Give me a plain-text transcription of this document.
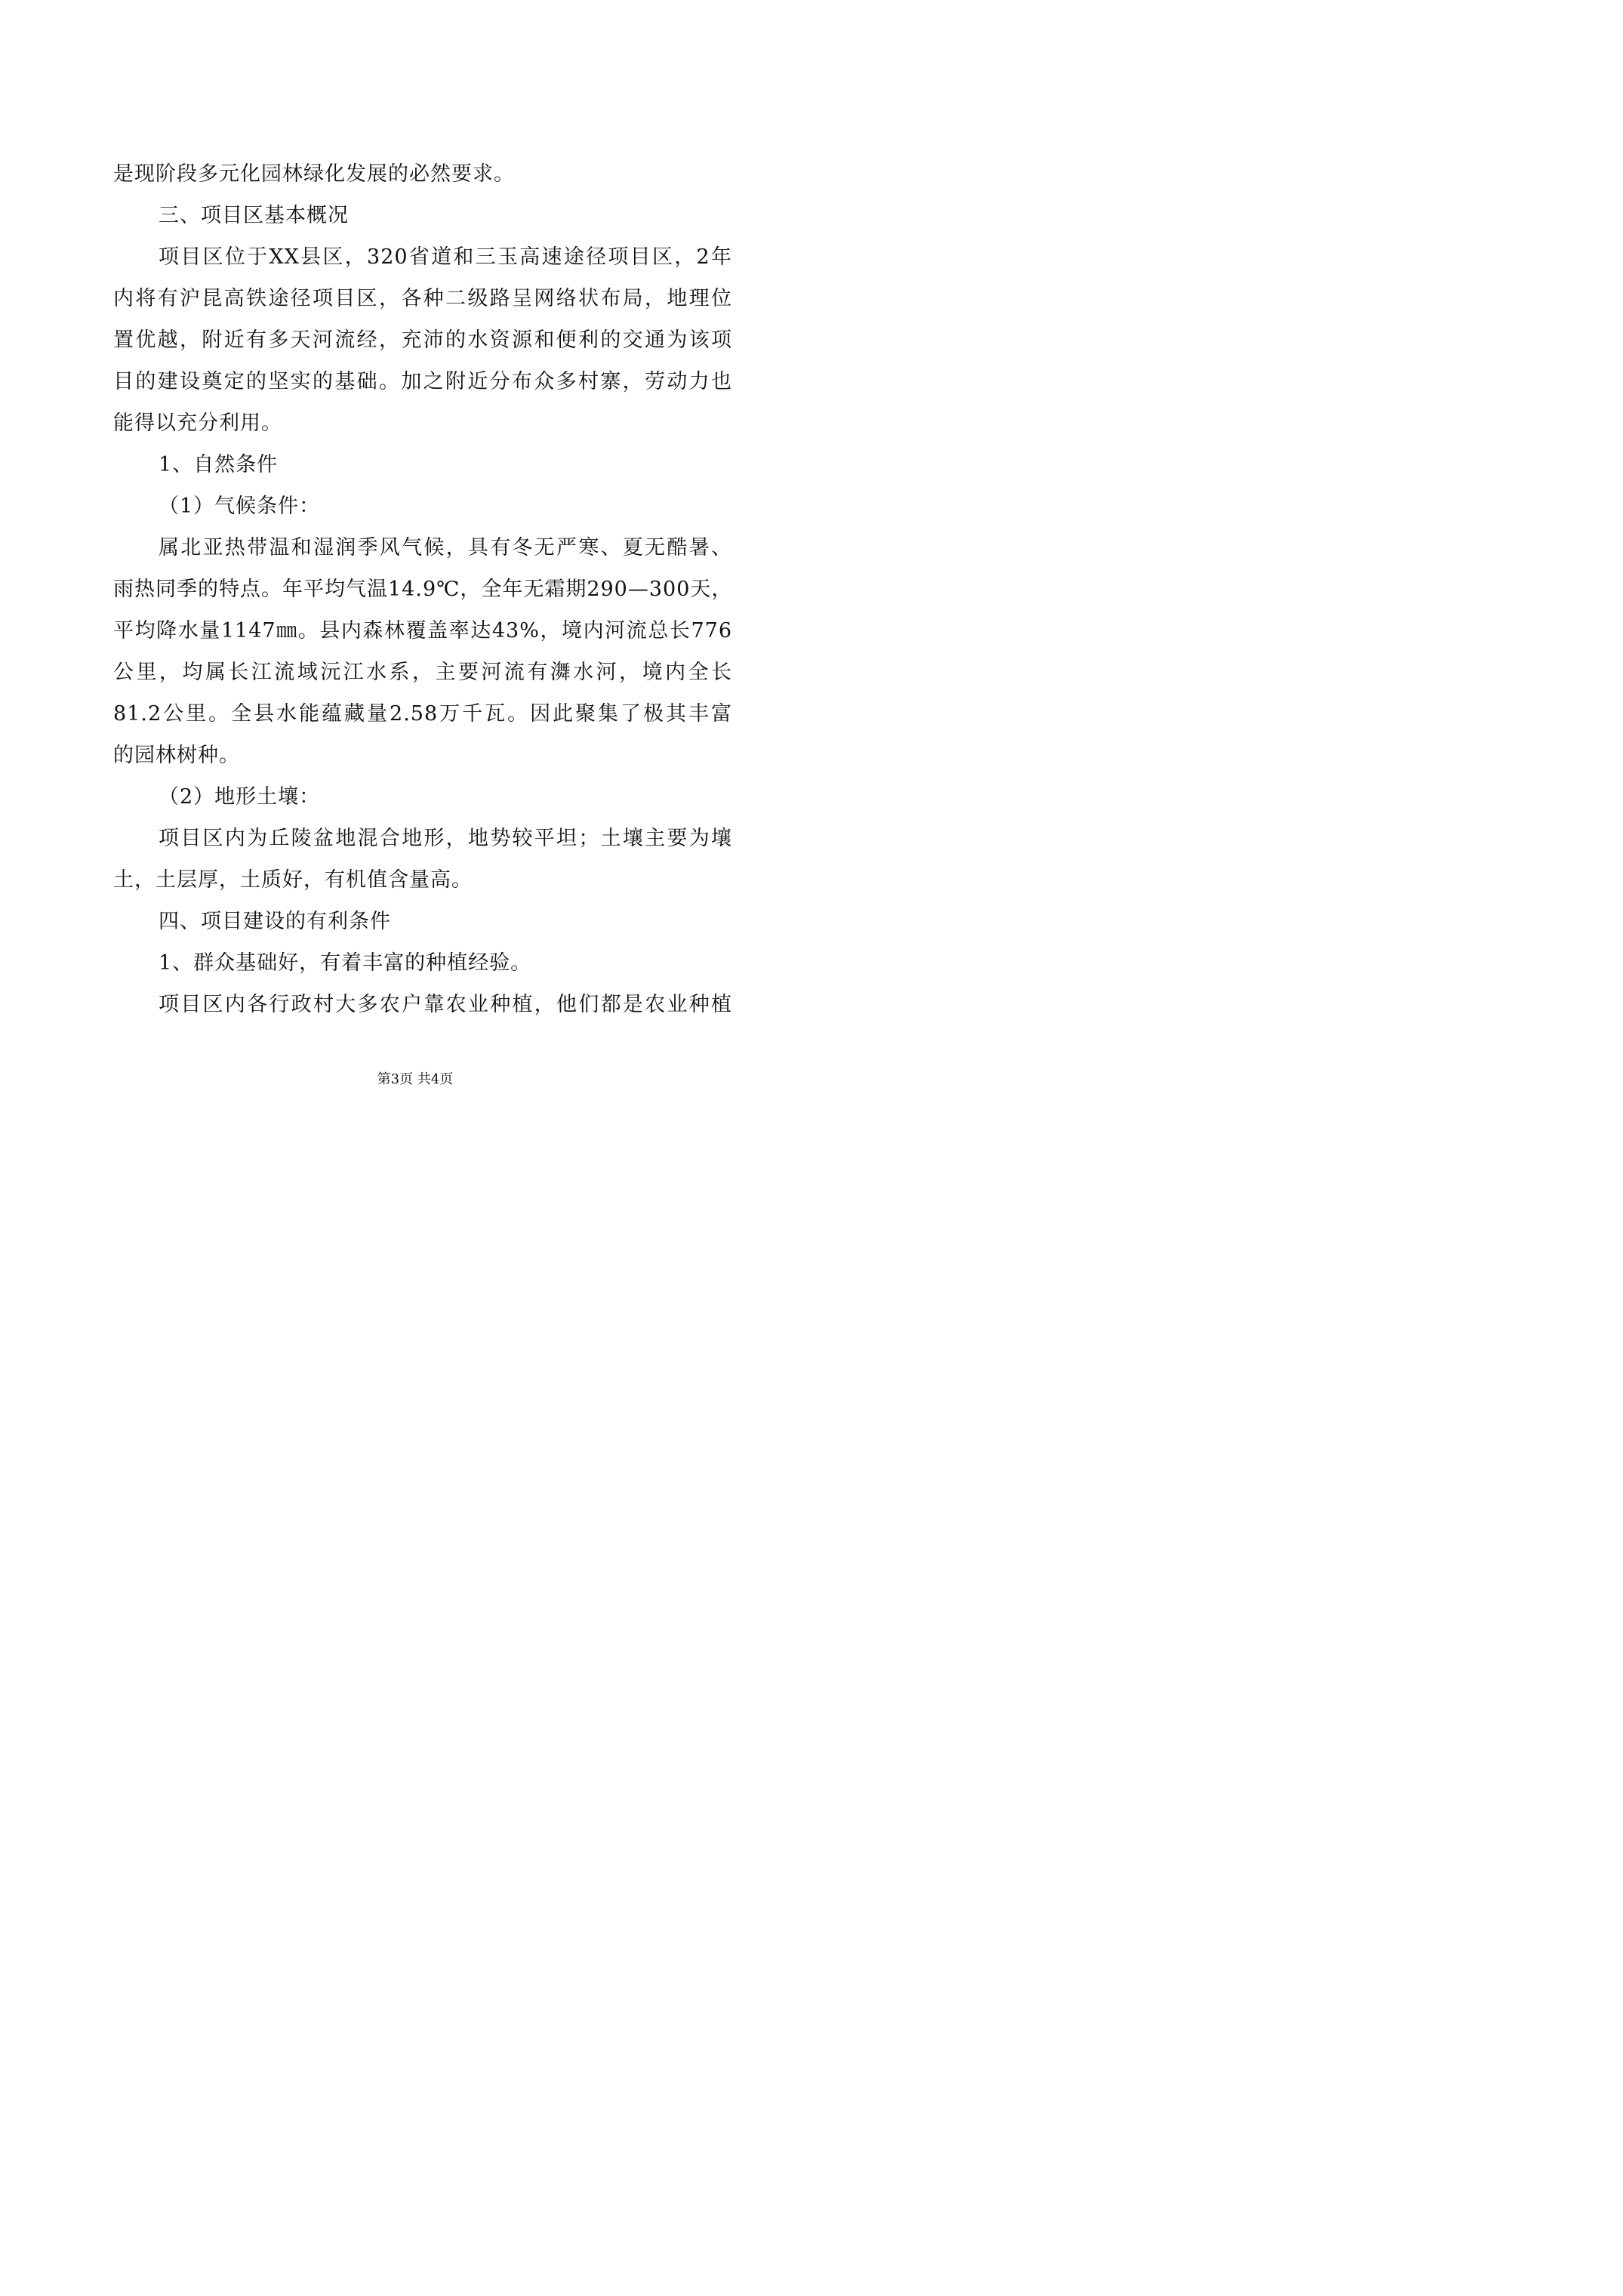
是现阶段多元化园林绿化发展的必然要求。
三、项目区基本概况
项目区位于XX县区，320省道和三玉高速途径项目区，2年
内将有沪昆高铁途径项目区，各种二级路呈网络状布局，地理位
置优越，附近有多天河流经，充沛的水资源和便利的交通为该项
目的建设奠定的坚实的基础。加之附近分布众多村寨，劳动力也
能得以充分利用。
1、自然条件
（1）气候条件：
属北亚热带温和湿润季风气候，具有冬无严寒、夏无酷暑、
雨热同季的特点。年平均气温14.9℃，全年无霜期290—300天，
平均降水量1147㎜。县内森林覆盖率达43%，境内河流总长776
公里，均属长江流域沅江水系，主要河流有㵲水河，境内全长
81.2公里。全县水能蕴藏量2.58万千瓦。因此聚集了极其丰富
的园林树种。
（2）地形土壤：
项目区内为丘陵盆地混合地形，地势较平坦；土壤主要为壤
土，土层厚，土质好，有机值含量高。
四、项目建设的有利条件
1、群众基础好，有着丰富的种植经验。
项目区内各行政村大多农户靠农业种植，他们都是农业种植
第3页 共4页
